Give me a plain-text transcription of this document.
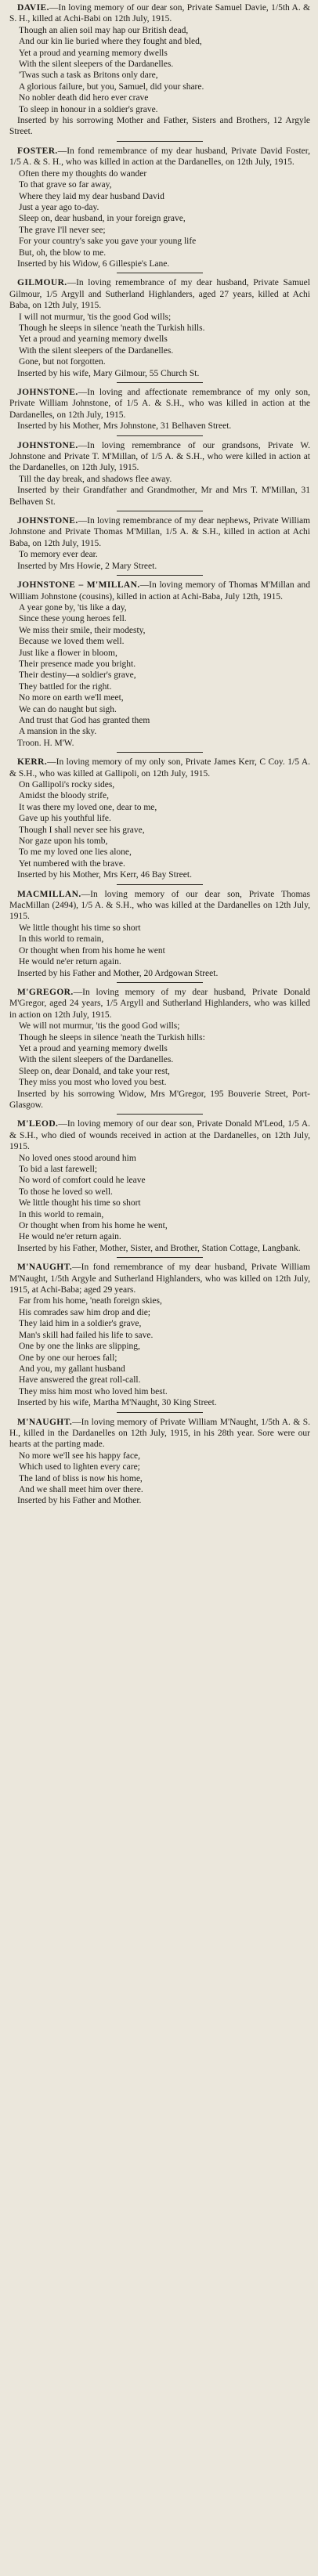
DAVIE.—In loving memory of our dear son, Private Samuel Davie, 1/5th A. & S. H., killed at Achi-Babi on 12th July, 1915.

Though an alien soil may hap our British dead,

And our kin lie buried where they fought and bled,

Yet a proud and yearning memory dwells

With the silent sleepers of the Dardanelles.

'Twas such a task as Britons only dare,

A glorious failure, but you, Samuel, did your share.

No nobler death did hero ever crave

To sleep in honour in a soldier's grave.

Inserted by his sorrowing Mother and Father, Sisters and Brothers, 12 Argyle Street.

FOSTER.—In fond remembrance of my dear husband, Private David Foster, 1/5 A. & S. H., who was killed in action at the Dardanelles, on 12th July, 1915.

Often there my thoughts do wander

To that grave so far away,

Where they laid my dear husband David

Just a year ago to-day.

Sleep on, dear husband, in your foreign grave,

The grave I'll never see;

For your country's sake you gave your young life

But, oh, the blow to me.

Inserted by his Widow, 6 Gillespie's Lane.

GILMOUR.—In loving remembrance of my dear husband, Private Samuel Gilmour, 1/5 Argyll and Sutherland Highlanders, aged 27 years, killed at Achi Baba, on 12th July, 1915.

I will not murmur, 'tis the good God wills;

Though he sleeps in silence 'neath the Turkish hills.

Yet a proud and yearning memory dwells

With the silent sleepers of the Dardanelles.

Gone, but not forgotten.

Inserted by his wife, Mary Gilmour, 55 Church St.

JOHNSTONE.—In loving and affectionate remembrance of my only son, Private William Johnstone, of 1/5 A. & S.H., who was killed in action at the Dardanelles, on 12th July, 1915.

Inserted by his Mother, Mrs Johnstone, 31 Belhaven Street.

JOHNSTONE.—In loving remembrance of our grandsons, Private W. Johnstone and Private T. M'Millan, of 1/5 A. & S.H., who were killed in action at the Dardanelles, on 12th July, 1915.

Till the day break, and shadows flee away.

Inserted by their Grandfather and Grandmother, Mr and Mrs T. M'Millan, 31 Belhaven St.

JOHNSTONE.—In loving remembrance of my dear nephews, Private William Johnstone and Private Thomas M'Millan, 1/5 A. & S.H., killed in action at Achi Baba, on 12th July, 1915.

To memory ever dear.

Inserted by Mrs Howie, 2 Mary Street.

JOHNSTONE – M'MILLAN.—In loving memory of Thomas M'Millan and William Johnstone (cousins), killed in action at Achi-Baba, July 12th, 1915.

A year gone by, 'tis like a day,

Since these young heroes fell.

We miss their smile, their modesty,

Because we loved them well.

Just like a flower in bloom,

Their presence made you bright.

Their destiny—a soldier's grave,

They battled for the right.

No more on earth we'll meet,

We can do naught but sigh.

And trust that God has granted them

A mansion in the sky.

Troon. H. M'W.

KERR.—In loving memory of my only son, Private James Kerr, C Coy. 1/5 A. & S.H., who was killed at Gallipoli, on 12th July, 1915.

On Gallipoli's rocky sides,

Amidst the bloody strife,

It was there my loved one, dear to me,

Gave up his youthful life.

Though I shall never see his grave,

Nor gaze upon his tomb,

To me my loved one lies alone,

Yet numbered with the brave.

Inserted by his Mother, Mrs Kerr, 46 Bay Street.

MACMILLAN.—In loving memory of our dear son, Private Thomas MacMillan (2494), 1/5 A. & S.H., who was killed at the Dardanelles on 12th July, 1915.

We little thought his time so short

In this world to remain,

Or thought when from his home he went

He would ne'er return again.

Inserted by his Father and Mother, 20 Ardgowan Street.

M'GREGOR.—In loving memory of my dear husband, Private Donald M'Gregor, aged 24 years, 1/5 Argyll and Sutherland Highlanders, who was killed in action on 12th July, 1915.

We will not murmur, 'tis the good God wills;

Though he sleeps in silence 'neath the Turkish hills:

Yet a proud and yearning memory dwells

With the silent sleepers of the Dardanelles.

Sleep on, dear Donald, and take your rest,

They miss you most who loved you best.

Inserted by his sorrowing Widow, Mrs M'Gregor, 195 Bouverie Street, Port-Glasgow.

M'LEOD.—In loving memory of our dear son, Private Donald M'Leod, 1/5 A. & S.H., who died of wounds received in action at the Dardanelles, on 12th July, 1915.

No loved ones stood around him

To bid a last farewell;

No word of comfort could he leave

To those he loved so well.

We little thought his time so short

In this world to remain,

Or thought when from his home he went,

He would ne'er return again.

Inserted by his Father, Mother, Sister, and Brother, Station Cottage, Langbank.

M'NAUGHT.—In fond remembrance of my dear husband, Private William M'Naught, 1/5th Argyle and Sutherland Highlanders, who was killed on 12th July, 1915, at Achi-Baba; aged 29 years.

Far from his home, 'neath foreign skies,

His comrades saw him drop and die;

They laid him in a soldier's grave,

Man's skill had failed his life to save.

One by one the links are slipping,

One by one our heroes fall;

And you, my gallant husband

Have answered the great roll-call.

They miss him most who loved him best.

Inserted by his wife, Martha M'Naught, 30 King Street.

M'NAUGHT.—In loving memory of Private William M'Naught, 1/5th A. & S. H., killed in the Dardanelles on 12th July, 1915, in his 28th year. Sore were our hearts at the parting made.

No more we'll see his happy face,

Which used to lighten every care;

The land of bliss is now his home,

And we shall meet him over there.

Inserted by his Father and Mother.
